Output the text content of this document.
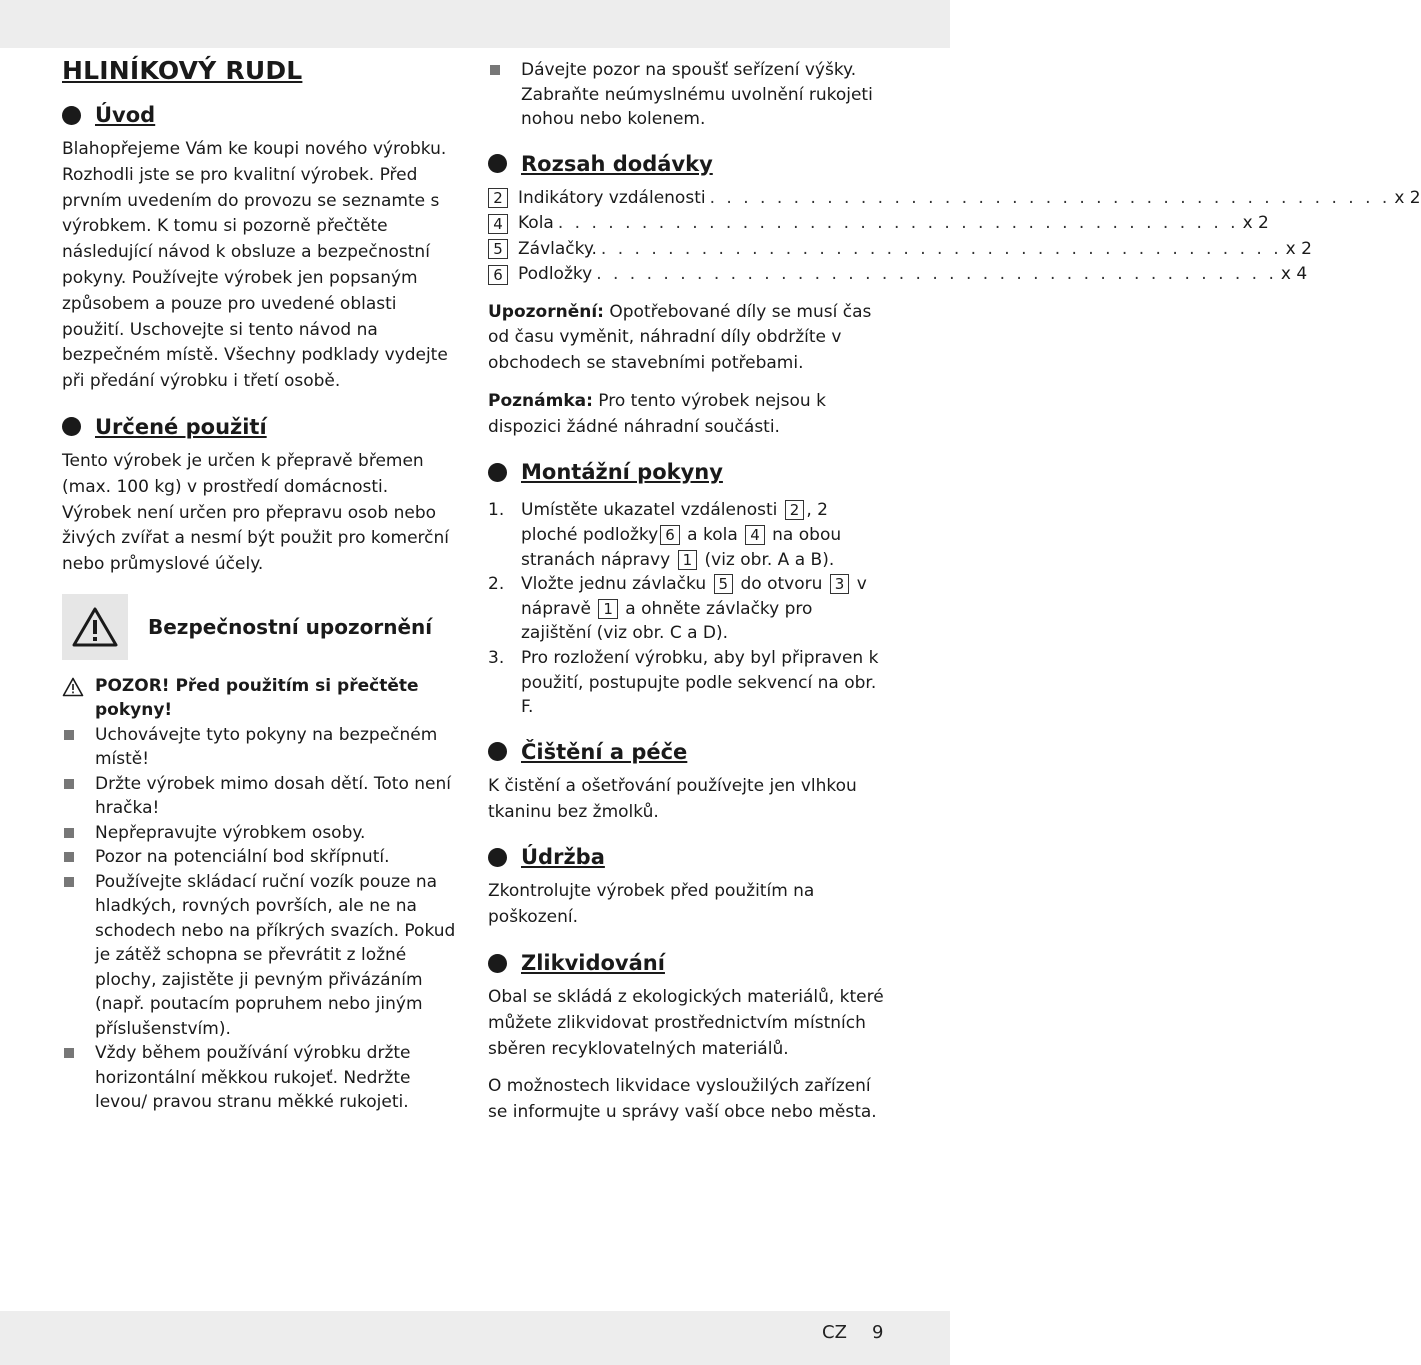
HLINÍKOVÝ RUDL
Úvod

Blahopřejeme Vám ke koupi nového výrobku. Rozhodli jste se pro kvalitní výrobek. Před prvním uvedením do provozu se seznamte s výrobkem. K tomu si pozorně přečtěte následující návod k obsluze a bezpečnostní pokyny. Používejte výrobek jen popsaným způsobem a pouze pro uvedené oblasti použití. Uschovejte si tento návod na bezpečném místě. Všechny podklady vydejte při předání výrobku i třetí osobě.

Určené použití

Tento výrobek je určen k přepravě břemen (max. 100 kg) v prostředí domácnosti. Výrobek není určen pro přepravu osob nebo živých zvířat a nesmí být použit pro komerční nebo průmyslové účely.

Bezpečnostní upozornění
POZOR! Před použitím si přečtěte pokyny!
Uchovávejte tyto pokyny na bezpečném místě!
Držte výrobek mimo dosah dětí. Toto není hračka!
Nepřepravujte výrobkem osoby.
Pozor na potenciální bod skřípnutí.
Používejte skládací ruční vozík pouze na hladkých, rovných površích, ale ne na schodech nebo na příkrých svazích. Pokud je zátěž schopna se převrátit z ložné plochy, zajistěte ji pevným přivázáním (např. poutacím popruhem nebo jiným příslušenstvím).
Vždy během používání výrobku držte horizontální měkkou rukojeť. Nedržte levou/ pravou stranu měkké rukojeti.
Dávejte pozor na spoušť seřízení výšky. Zabraňte neúmyslnému uvolnění rukojeti nohou nebo kolenem.
Rozsah dodávky
2 Indikátory vzdálenosti . . . . . . . . . . . . . . . . . . . . . . . . . . . . . . . . . . . . . . . . . x 2
4 Kola . . . . . . . . . . . . . . . . . . . . . . . . . . . . . . . . . . . . . . . . . x 2
5 Závlačky. . . . . . . . . . . . . . . . . . . . . . . . . . . . . . . . . . . . . . . . . . x 2
6 Podložky . . . . . . . . . . . . . . . . . . . . . . . . . . . . . . . . . . . . . . . . . x 4

Upozornění: Opotřebované díly se musí čas od času vyměnit, náhradní díly obdržíte v obchodech se stavebními potřebami.

Poznámka: Pro tento výrobek nejsou k dispozici žádné náhradní součásti.

Montážní pokyny
1. Umístěte ukazatel vzdálenosti 2 , 2 ploché podložky 6 a kola 4 na obou stranách nápravy 1 (viz obr. A a B).
2. Vložte jednu závlačku 5 do otvoru 3 v nápravě 1 a ohněte závlačky pro zajištění (viz obr. C a D).
3. Pro rozložení výrobku, aby byl připraven k použití, postupujte podle sekvencí na obr. F.
Čištění a péče

K čistění a ošetřování používejte jen vlhkou tkaninu bez žmolků.

Údržba

Zkontrolujte výrobek před použitím na poškození.

Zlikvidování

Obal se skládá z ekologických materiálů, které můžete zlikvidovat prostřednictvím místních sběren recyklovatelných materiálů.

O možnostech likvidace vysloužilých zařízení se informujte u správy vaší obce nebo města.

CZ 9
